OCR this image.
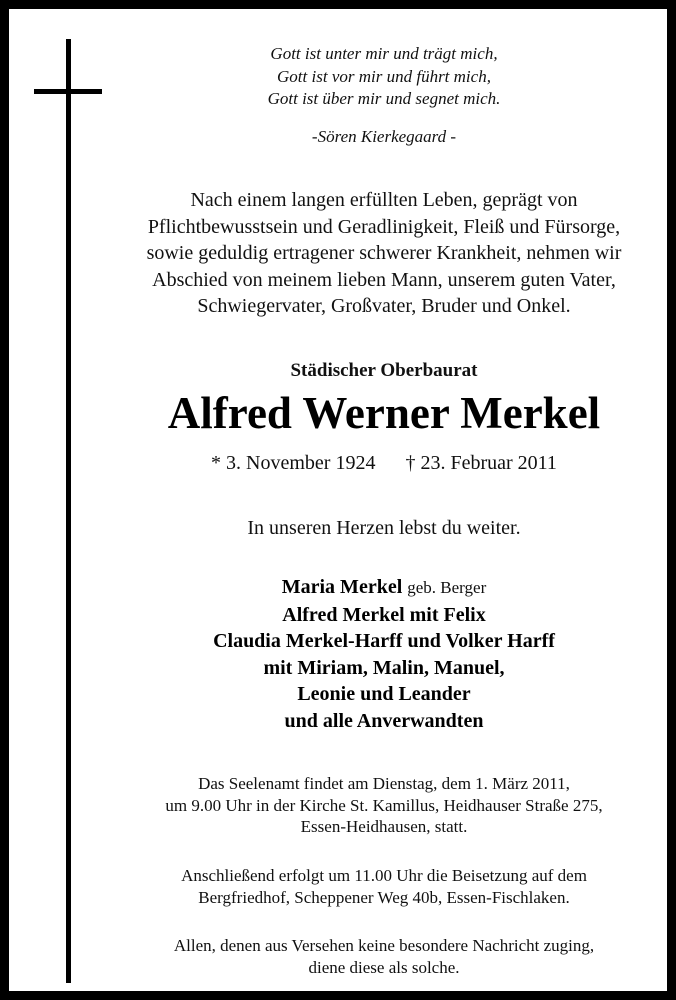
Gott ist unter mir und trägt mich,
Gott ist vor mir und führt mich,
Gott ist über mir und segnet mich.
-Sören Kierkegaard -
Nach einem langen erfüllten Leben, geprägt von
Pflichtbewusstsein und Geradlinigkeit, Fleiß und Fürsorge,
sowie geduldig ertragener schwerer Krankheit, nehmen wir
Abschied von meinem lieben Mann, unserem guten Vater,
Schwiegervater, Großvater, Bruder und Onkel.
Städischer Oberbaurat
Alfred Werner Merkel
* 3. November 1924 † 23. Februar 2011
In unseren Herzen lebst du weiter.
Maria Merkel geb. Berger
Alfred Merkel mit Felix
Claudia Merkel-Harff und Volker Harff
mit Miriam, Malin, Manuel,
Leonie und Leander
und alle Anverwandten
Das Seelenamt findet am Dienstag, dem 1. März 2011,
um 9.00 Uhr in der Kirche St. Kamillus, Heidhauser Straße 275,
Essen-Heidhausen, statt.
Anschließend erfolgt um 11.00 Uhr die Beisetzung auf dem
Bergfriedhof, Scheppener Weg 40b, Essen-Fischlaken.
Allen, denen aus Versehen keine besondere Nachricht zuging,
diene diese als solche.
